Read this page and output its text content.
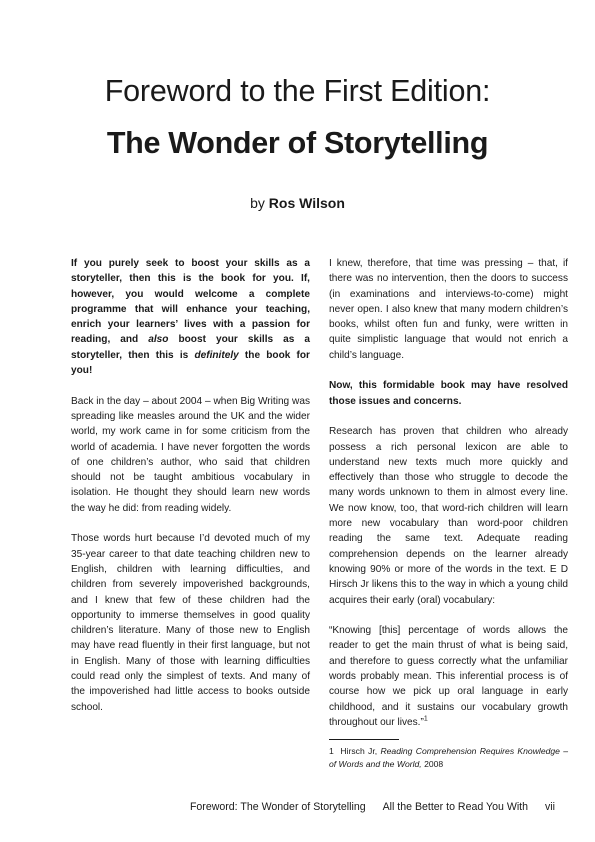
Foreword to the First Edition:
The Wonder of Storytelling
by Ros Wilson

If you purely seek to boost your skills as a storyteller, then this is the book for you. If, however, you would welcome a complete programme that will enhance your teaching, enrich your learners’ lives with a passion for reading, and also boost your skills as a storyteller, then this is definitely the book for you!

Back in the day – about 2004 – when Big Writing was spreading like measles around the UK and the wider world, my work came in for some criticism from the world of academia. I have never forgotten the words of one children’s author, who said that children should not be taught ambitious vocabulary in isolation. He thought they should learn new words the way he did: from reading widely.

Those words hurt because I’d devoted much of my 35-year career to that date teaching children new to English, children with learning difficulties, and children from severely impoverished backgrounds, and I knew that few of these children had the opportunity to immerse themselves in good quality children’s literature. Many of those new to English may have read fluently in their first language, but not in English. Many of those with learning difficulties could read only the simplest of texts. And many of the impoverished had little access to books outside school.

I knew, therefore, that time was pressing – that, if there was no intervention, then the doors to success (in examinations and interviews-to-come) might never open. I also knew that many modern children’s books, whilst often fun and funky, were written in quite simplistic language that would not enrich a child’s language.

Now, this formidable book may have resolved those issues and concerns.

Research has proven that children who already possess a rich personal lexicon are able to understand new texts much more quickly and effectively than those who struggle to decode the many words unknown to them in almost every line. We now know, too, that word-rich children will learn more new vocabulary than word-poor children reading the same text. Adequate reading comprehension depends on the learner already knowing 90% or more of the words in the text. E D Hirsch Jr likens this to the way in which a young child acquires their early (oral) vocabulary:

“Knowing [this] percentage of words allows the reader to get the main thrust of what is being said, and therefore to guess correctly what the unfamiliar words probably mean. This inferential process is of course how we pick up oral language in early childhood, and it sustains our vocabulary growth throughout our lives.”$^1$

1 Hirsch Jr, Reading Comprehension Requires Knowledge – of Words and the World, 2008
Foreword: The Wonder of Storytelling All the Better to Read You With vii
